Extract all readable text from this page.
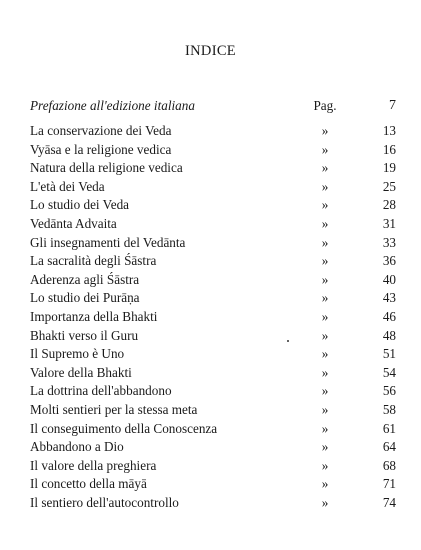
INDICE
Prefazione all'edizione italiana	Pag.	7
La conservazione dei Veda	»	13
Vyāsa e la religione vedica	»	16
Natura della religione vedica	»	19
L'età dei Veda	»	25
Lo studio dei Veda	»	28
Vedānta Advaita	»	31
Gli insegnamenti del Vedānta	»	33
La sacralità degli Śāstra	»	36
Aderenza agli Śāstra	»	40
Lo studio dei Purāṇa	»	43
Importanza della Bhakti	»	46
Bhakti verso il Guru	»	48
Il Supremo è Uno	»	51
Valore della Bhakti	»	54
La dottrina dell'abbandono	»	56
Molti sentieri per la stessa meta	»	58
Il conseguimento della Conoscenza	»	61
Abbandono a Dio	»	64
Il valore della preghiera	»	68
Il concetto della māyā	»	71
Il sentiero dell'autocontrollo	»	74
